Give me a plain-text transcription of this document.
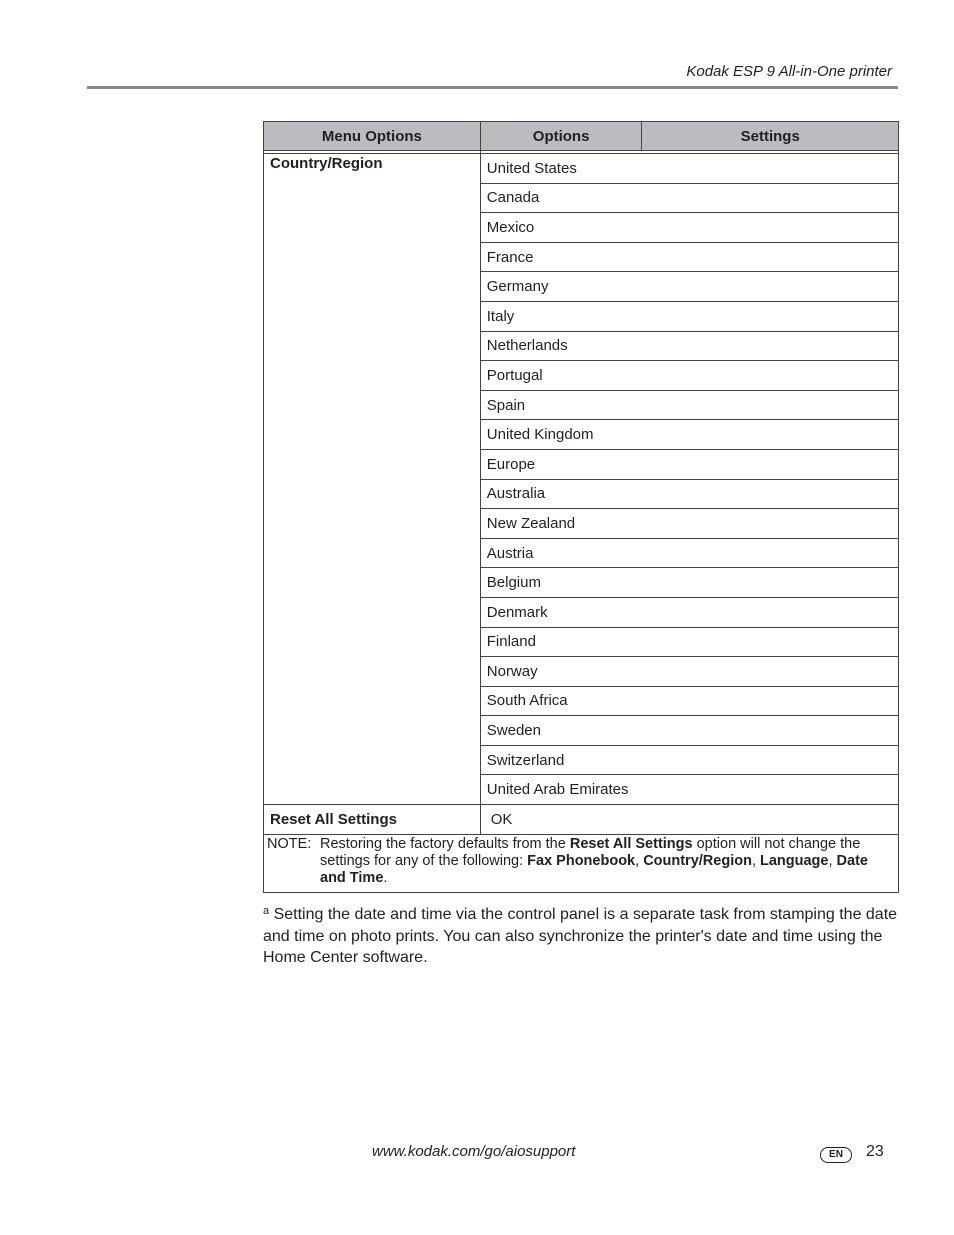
Kodak ESP 9 All-in-One printer
Menu Options	Options	Settings

Country/Region	United States	
	Canada	
	Mexico	
	France	
	Germany	
	Italy	
	Netherlands	
	Portugal	
	Spain	
	United Kingdom	
	Europe	
	Australia	
	New Zealand	
	Austria	
	Belgium	
	Denmark	
	Finland	
	Norway	
	South Africa	
	Sweden	
	Switzerland	
	United Arab Emirates	
Reset All Settings	OK	

NOTE: Restoring the factory defaults from the Reset All Settings option will not change the settings for any of the following: Fax Phonebook, Country/Region, Language, Date and Time.		
$^a$ Setting the date and time via the control panel is a separate task from stamping the date and time on photo prints. You can also synchronize the printer's date and time using the Home Center software.
www.kodak.com/go/aiosupport	EN	23
